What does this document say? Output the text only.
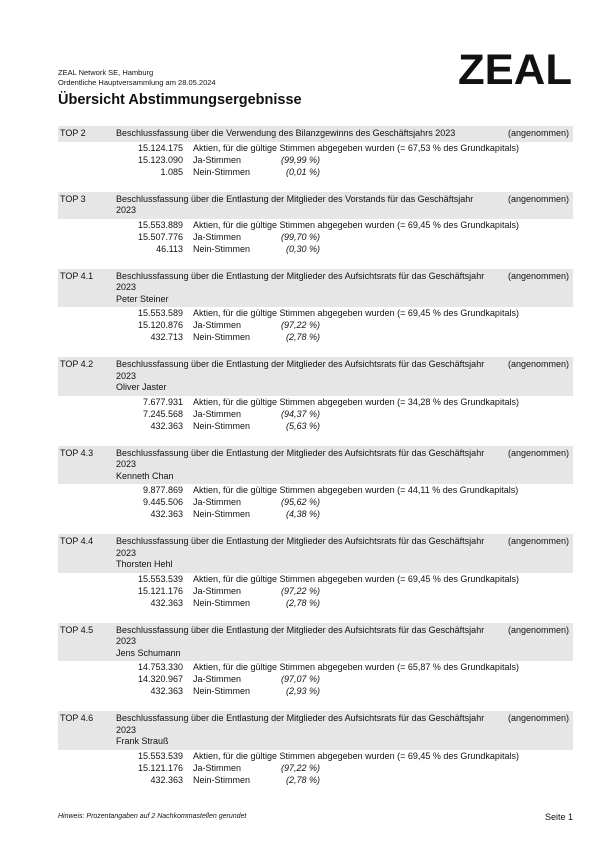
ZEAL Network SE, Hamburg
Ordentliche Hauptversammlung am 28.05.2024	ZEAL
Übersicht Abstimmungsergebnisse
TOP 2	Beschlussfassung über die Verwendung des Bilanzgewinns des Geschäftsjahrs 2023	(angenommen)
15.124.175 Aktien, für die gültige Stimmen abgegeben wurden (= 67,53 % des Grundkapitals)
15.123.090 Ja-Stimmen	(99,99 %)
1.085 Nein-Stimmen	(0,01 %)
TOP 3	Beschlussfassung über die Entlastung der Mitglieder des Vorstands für das Geschäftsjahr 2023
(angenommen)
15.553.889 Aktien, für die gültige Stimmen abgegeben wurden (= 69,45 % des Grundkapitals)
15.507.776 Ja-Stimmen	(99,70 %)
46.113 Nein-Stimmen	(0,30 %)
TOP 4.1	Beschlussfassung über die Entlastung der Mitglieder des Aufsichtsrats für das Geschäftsjahr 2023
Peter Steiner
(angenommen)
15.553.589 Aktien, für die gültige Stimmen abgegeben wurden (= 69,45 % des Grundkapitals)
15.120.876 Ja-Stimmen	(97,22 %)
432.713 Nein-Stimmen	(2,78 %)
TOP 4.2	Beschlussfassung über die Entlastung der Mitglieder des Aufsichtsrats für das Geschäftsjahr 2023
Oliver Jaster
(angenommen)
7.677.931 Aktien, für die gültige Stimmen abgegeben wurden (= 34,28 % des Grundkapitals)
7.245.568 Ja-Stimmen	(94,37 %)
432.363 Nein-Stimmen	(5,63 %)
TOP 4.3	Beschlussfassung über die Entlastung der Mitglieder des Aufsichtsrats für das Geschäftsjahr 2023
Kenneth Chan
(angenommen)
9.877.869 Aktien, für die gültige Stimmen abgegeben wurden (= 44,11 % des Grundkapitals)
9.445.506 Ja-Stimmen	(95,62 %)
432.363 Nein-Stimmen	(4,38 %)
TOP 4.4	Beschlussfassung über die Entlastung der Mitglieder des Aufsichtsrats für das Geschäftsjahr 2023
Thorsten Hehl
(angenommen)
15.553.539 Aktien, für die gültige Stimmen abgegeben wurden (= 69,45 % des Grundkapitals)
15.121.176 Ja-Stimmen	(97,22 %)
432.363 Nein-Stimmen	(2,78 %)
TOP 4.5	Beschlussfassung über die Entlastung der Mitglieder des Aufsichtsrats für das Geschäftsjahr 2023
Jens Schumann
(angenommen)
14.753.330 Aktien, für die gültige Stimmen abgegeben wurden (= 65,87 % des Grundkapitals)
14.320.967 Ja-Stimmen	(97,07 %)
432.363 Nein-Stimmen	(2,93 %)
TOP 4.6	Beschlussfassung über die Entlastung der Mitglieder des Aufsichtsrats für das Geschäftsjahr 2023
Frank Strauß
(angenommen)
15.553.539 Aktien, für die gültige Stimmen abgegeben wurden (= 69,45 % des Grundkapitals)
15.121.176 Ja-Stimmen	(97,22 %)
432.363 Nein-Stimmen	(2,78 %)
Hinweis: Prozentangaben auf 2 Nachkommastellen gerundet	Seite 1
